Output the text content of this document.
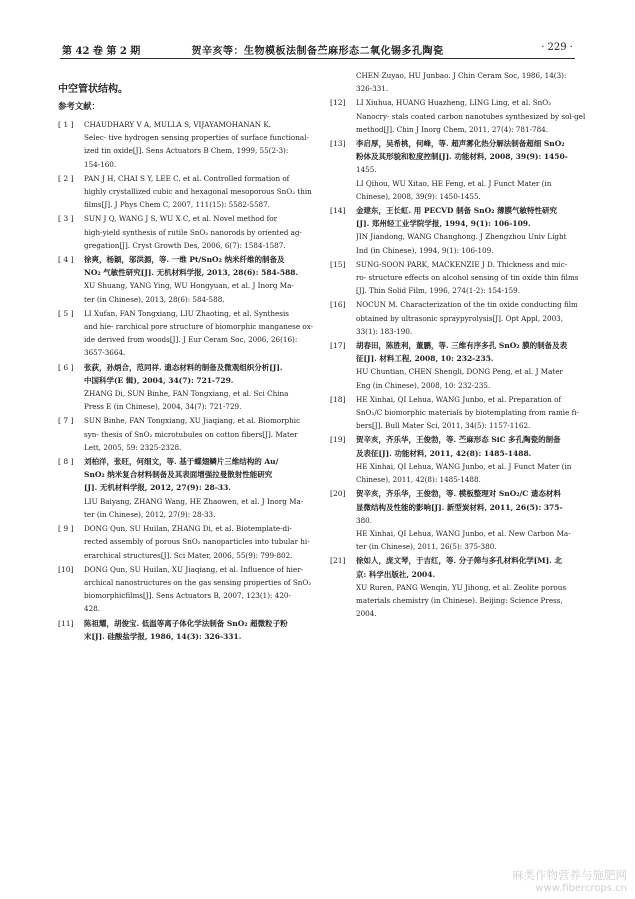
第 42 卷 第 2 期	贺辛亥等：生物模板法制备苎麻形态二氧化锡多孔陶瓷	· 229 ·
中空管状结构。
参考文献：
[ 1 ] CHAUDHARY V A, MULLA S, VIJAYAMOHANAN K.
Selec- tive hydrogen sensing properties of surface functional-
ized tin oxide[J]. Sens Actuators B Chem, 1999, 55(2-3):
154-160.
[ 2 ] PAN J H, CHAI S Y, LEE C, et al. Controlled formation of
highly crystallized cubic and hexagonal mesoporous SnO₂ thin
films[J]. J Phys Chem C, 2007, 111(15): 5582-5587.
[ 3 ] SUN J Q, WANG J S, WU X C, et al. Novel method for
high-yield synthesis of rutile SnO₂ nanorods by oriented ag-
gregation[J]. Cryst Growth Des, 2006, 6(7): 1584-1587.
[ 4 ] 徐爽，杨颖，邬洪源，等. 一维 Pt/SnO₂ 纳米纤维的制备及
NO₂ 气敏性研究[J]. 无机材料学报, 2013, 28(6): 584-588.
XU Shuang, YANG Ying, WU Hongyuan, et al. J Inorg Ma-
ter (in Chinese), 2013, 28(6): 584-588.
[ 5 ] LI Xufan, FAN Tongxiang, LIU Zhaoting, et al. Synthesis
and hie- rarchical pore structure of biomorphic manganese ox-
ide derived from woods[J]. J Eur Ceram Soc, 2006, 26(16):
3657-3664.
[ 6 ] 张荻，孙炳合，范同祥. 遗态材料的制备及微观组织分析[J].
中国科学(E 辑), 2004, 34(7): 721-729.
ZHANG Di, SUN Binhe, FAN Tongxiang, et al. Sci China
Press E (in Chinese), 2004, 34(7): 721-729.
[ 7 ] SUN Binhe, FAN Tongxiang, XU Jiaqiang, et al. Biomorphic
syn- thesis of SnO₂ microtubules on cotton fibers[J]. Mater
Lett, 2005, 59: 2325-2328.
[ 8 ] 刘柏洋，张旺，何细文，等. 基于蝶翅鳞片三维结构的 Au/
SnO₂ 纳米复合材料制备及其表面增强拉曼散射性能研究
[J]. 无机材料学报, 2012, 27(9): 28-33.
LIU Baiyang, ZHANG Wang, HE Zhaowen, et al. J Inorg Ma-
ter (in Chinese), 2012, 27(9): 28-33.
[ 9 ] DONG Qun, SU Huilan, ZHANG Di, et al. Biotemplate-di-
rected assembly of porous SnO₂ nanoparticles into tubular hi-
erarchical structures[J]. Sci Mater, 2006, 55(9): 799-802.
[10] DONG Qun, SU Huilan, XU Jiaqiang, et al. Influence of hier-
archical nanostructures on the gas sensing properties of SnO₂
biomorphicfilms[J]. Sens Actuators B, 2007, 123(1): 420-
428.
[11] 陈祖耀，胡俊宝. 低温等离子体化学法制备 SnO₂ 超微粒子粉
末[J]. 硅酸盐学报, 1986, 14(3): 326-331.
CHEN Zuyao, HU Junbao. J Chin Ceram Soc, 1986, 14(3):
326-331.
[12] LI Xiuhua, HUANG Huazheng, LING Ling, et al. SnO₂
Nanocry- stals coated carbon nanotubes synthesized by sol-gel
method[J]. Chin J Inorg Chem, 2011, 27(4): 781-784.
[13] 李启厚，吴希桃，何峰，等. 超声雾化热分解法制备超细 SnO₂
粉体及其形貌和粒度控制[J]. 功能材料, 2008, 39(9): 1450-
1455.
LI Qihou, WU Xitao, HE Feng, et al. J Funct Mater (in
Chinese), 2008, 39(9): 1450-1455.
[14] 金建东，王长虹. 用 PECVD 制备 SnO₂ 薄膜气敏特性研究
[J]. 郑州轻工业学院学报, 1994, 9(1): 106-109.
JIN Jiandong, WANG Changhong. J Zhengzhou Univ Light
Ind (in Chinese), 1994, 9(1): 106-109.
[15] SUNG-SOON PARK, MACKENZIE J D. Thickness and mic-
ro- structure effects on alcohol sensing of tin oxide thin films
[J]. Thin Solid Film, 1996, 274(1-2): 154-159.
[16] NOCUN M. Characterization of the tin oxide conducting film
obtained by ultrasonic spraypyrolysis[J]. Opt Appl, 2003,
33(1): 183-190.
[17] 胡春田，陈胜利，董鹏，等. 三维有序多孔 SnO₂ 膜的制备及表
征[J]. 材料工程, 2008, 10: 232-235.
HU Chuntian, CHEN Shengli, DONG Peng, et al. J Mater
Eng (in Chinese), 2008, 10: 232-235.
[18] HE Xinhai, QI Lehua, WANG Junbo, et al. Preparation of
SnO₂/C biomorphic materials by biotemplating from ramie fi-
bers[J]. Bull Mater Sci, 2011, 34(5): 1157-1162.
[19] 贺辛亥，齐乐华，王俊勃，等. 苎麻形态 SiC 多孔陶瓷的制备
及表征[J]. 功能材料, 2011, 42(8): 1485-1488.
HE Xinhai, QI Lehua, WANG Junbo, et al. J Funct Mater (in
Chinese), 2011, 42(8): 1485-1488.
[20] 贺辛亥，齐乐华，王俊勃，等. 模板整理对 SnO₂/C 遗态材料
显微结构及性能的影响[J]. 新型炭材料, 2011, 26(5): 375-
380.
HE Xinhai, QI Lehua, WANG Junbo, et al. New Carbon Ma-
ter (in Chinese), 2011, 26(5): 375-380.
[21] 徐如人，庞文琴，于吉红，等. 分子筛与多孔材料化学[M]. 北
京: 科学出版社, 2004.
XU Ruren, PANG Wenqin, YU Jihong, et al. Zeolite porous
materials chemistry (in Chinese). Beijing: Science Press,
2004.
麻类作物营养与施肥网
www.fibercrops.cn
